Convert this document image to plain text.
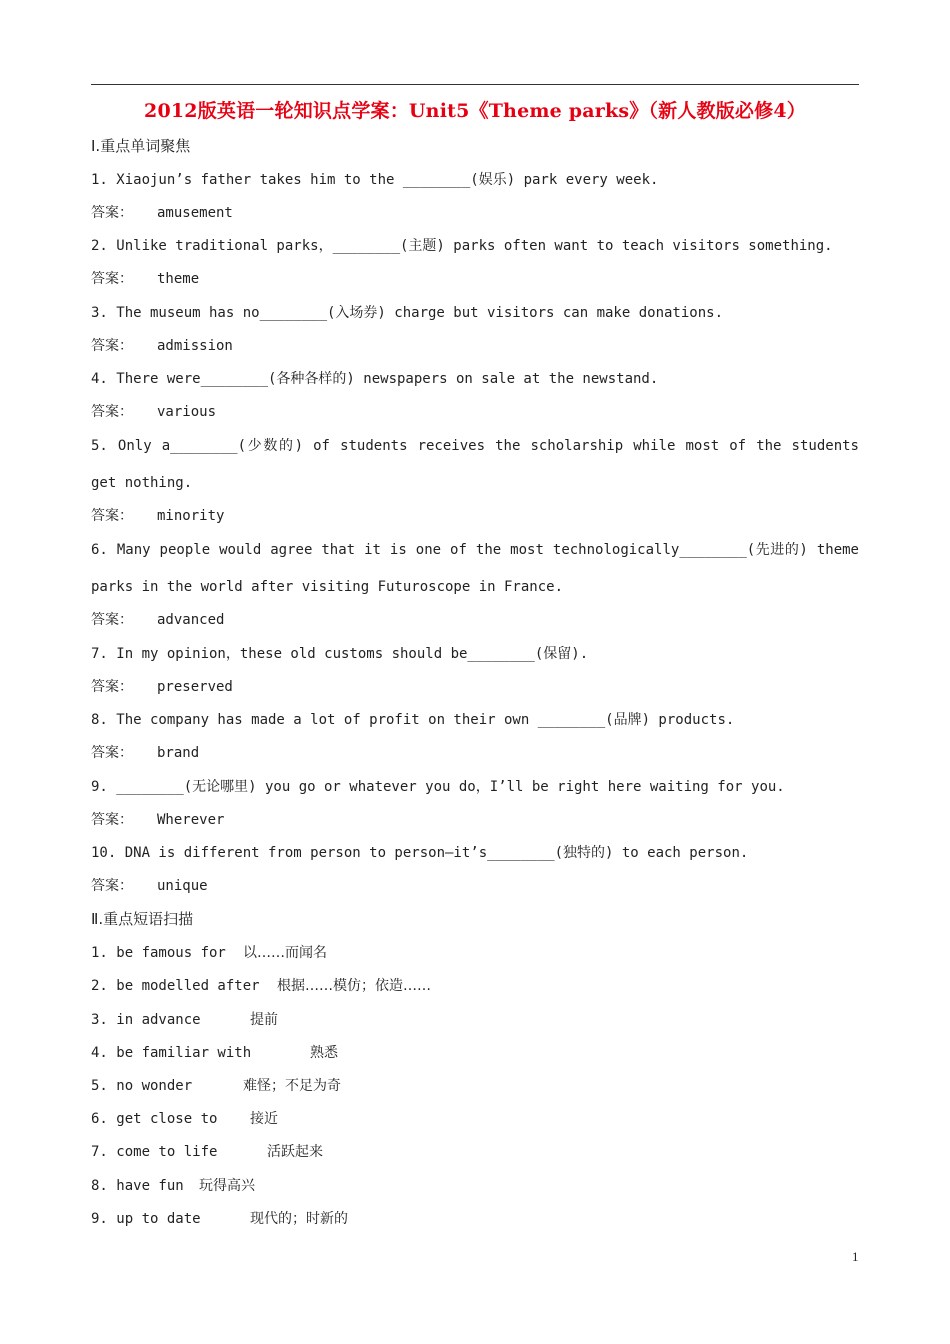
2012版英语一轮知识点学案：Unit5《Theme parks》（新人教版必修4）
Ⅰ.重点单词聚焦
1. Xiaojun’s father takes him to the ________(娱乐) park every week.
答案： amusement
2. Unlike traditional parks，________(主题) parks often want to teach visitors something.
答案： theme
3. The museum has no________(入场券) charge but visitors can make donations.
答案： admission
4. There were________(各种各样的) newspapers on sale at the newstand.
答案： various
5. Only a________(少数的) of students receives the scholarship while most of the students
get nothing.
答案： minority
6. Many people would agree that it is one of the most technologically________(先进的) theme
parks in the world after visiting Futuroscope in France.
答案： advanced
7. In my opinion，these old customs should be________(保留).
答案： preserved
8. The company has made a lot of profit on their own ________(品牌) products.
答案： brand
9. ________(无论哪里) you go or whatever you do，I’ll be right here waiting for you.
答案： Wherever
10. DNA is different from person to person—it’s________(独特的) to each person.
答案： unique
Ⅱ.重点短语扫描
1. be famous for 以……而闻名
2. be modelled after 根据……模仿；依造……
3. in advance	提前
4. be familiar with	熟悉
5. no wonder	难怪；不足为奇
6. get close to 接近
7. come to life	活跃起来
8. have fun 玩得高兴
9. up to date	现代的；时新的
1
